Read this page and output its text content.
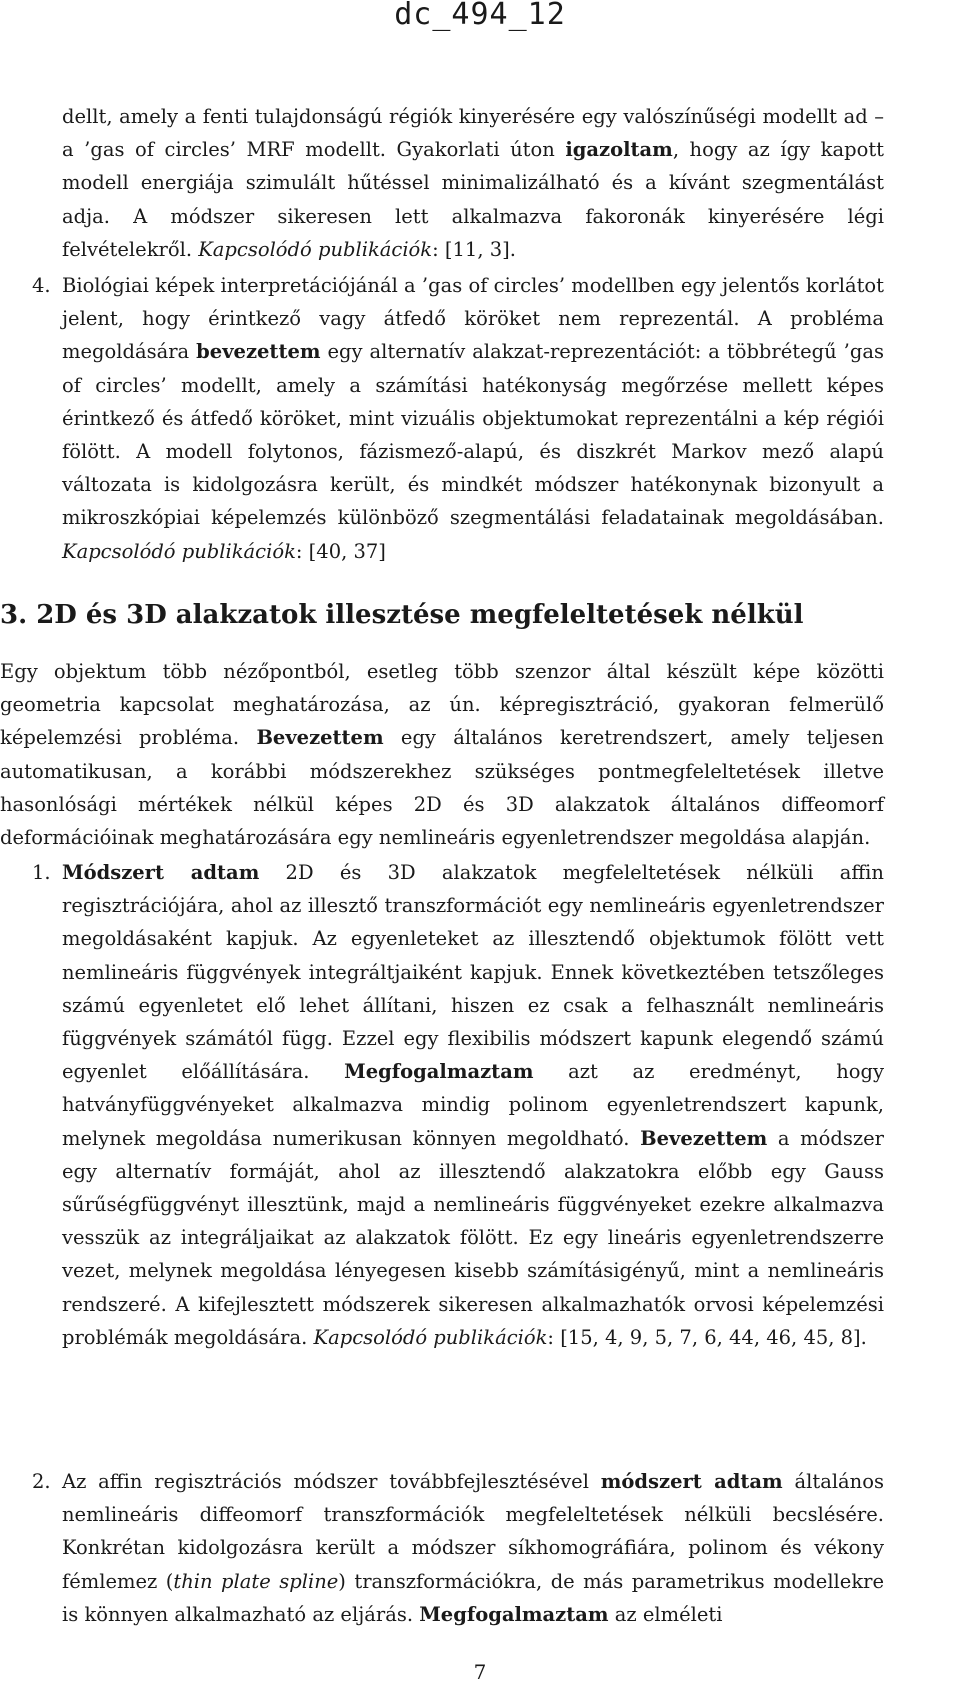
dc_494_12

dellt, amely a fenti tulajdonságú régiók kinyerésére egy valószínűségi modellt ad – a ’gas of circles’ MRF modellt. Gyakorlati úton igazoltam, hogy az így kapott modell energiája szimulált hűtéssel minimalizálható és a kívánt szegmentálást adja. A módszer sikeresen lett alkalmazva fakoronák kinyerésére légi felvételekről. Kapcsolódó publikációk: [11, 3].

4. Biológiai képek interpretációjánál a ’gas of circles’ modellben egy jelentős korlátot jelent, hogy érintkező vagy átfedő köröket nem reprezentál. A probléma megoldására bevezettem egy alternatív alakzat-reprezentációt: a többrétegű ’gas of circles’ modellt, amely a számítási hatékonyság megőrzése mellett képes érintkező és átfedő köröket, mint vizuális objektumokat reprezentálni a kép régiói fölött. A modell folytonos, fázismező-alapú, és diszkrét Markov mező alapú változata is kidolgozásra került, és mindkét módszer hatékonynak bizonyult a mikroszkópiai képelemzés különböző szegmentálási feladatainak megoldásában. Kapcsolódó publikációk: [40, 37]

3. 2D és 3D alakzatok illesztése megfeleltetések nélkül

Egy objektum több nézőpontból, esetleg több szenzor által készült képe közötti geometria kapcsolat meghatározása, az ún. képregisztráció, gyakoran felmerülő képelemzési probléma. Bevezettem egy általános keretrendszert, amely teljesen automatikusan, a korábbi módszerekhez szükséges pontmegfeleltetések illetve hasonlósági mértékek nélkül képes 2D és 3D alakzatok általános diffeomorf deformációinak meghatározására egy nemlineáris egyenletrendszer megoldása alapján.

1. Módszert adtam 2D és 3D alakzatok megfeleltetések nélküli affin regisztrációjára, ahol az illesztő transzformációt egy nemlineáris egyenletrendszer megoldásaként kapjuk. Az egyenleteket az illesztendő objektumok fölött vett nemlineáris függvények integráltjaiként kapjuk. Ennek következtében tetszőleges számú egyenletet elő lehet állítani, hiszen ez csak a felhasznált nemlineáris függvények számától függ. Ezzel egy flexibilis módszert kapunk elegendő számú egyenlet előállítására. Megfogalmaztam azt az eredményt, hogy hatványfüggvényeket alkalmazva mindig polinom egyenletrendszert kapunk, melynek megoldása numerikusan könnyen megoldható. Bevezettem a módszer egy alternatív formáját, ahol az illesztendő alakzatokra előbb egy Gauss sűrűségfüggvényt illesztünk, majd a nemlineáris függvényeket ezekre alkalmazva vesszük az integráljaikat az alakzatok fölött. Ez egy lineáris egyenletrendszerre vezet, melynek megoldása lényegesen kisebb számításigényű, mint a nemlineáris rendszeré. A kifejlesztett módszerek sikeresen alkalmazhatók orvosi képelemzési problémák megoldására. Kapcsolódó publikációk: [15, 4, 9, 5, 7, 6, 44, 46, 45, 8].

2. Az affin regisztrációs módszer továbbfejlesztésével módszert adtam általános nemlineáris diffeomorf transzformációk megfeleltetések nélküli becslésére. Konkrétan kidolgozásra került a módszer síkhomográfiára, polinom és vékony fémlemez (thin plate spline) transzformációkra, de más parametrikus modellekre is könnyen alkalmazható az eljárás. Megfogalmaztam az elméleti

7
